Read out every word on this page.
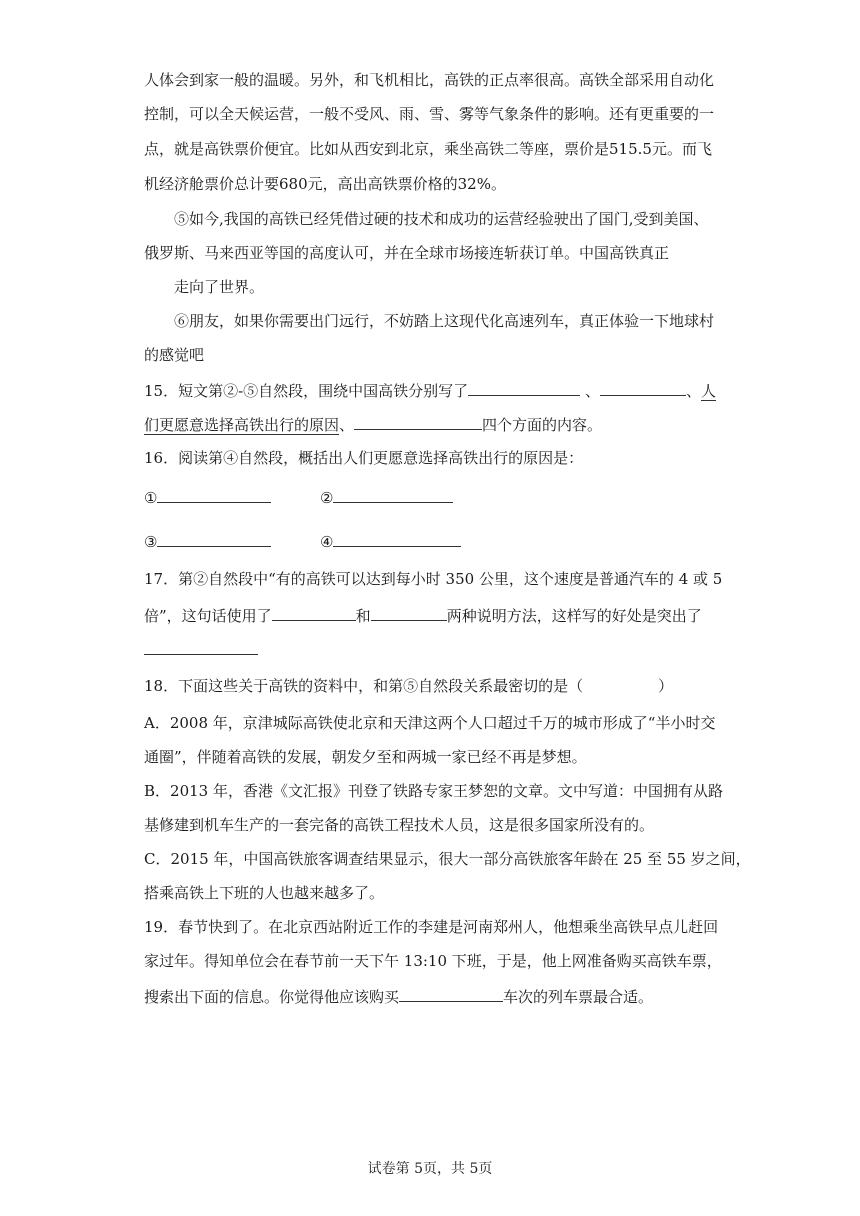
人体会到家一般的温暖。另外，和飞机相比，高铁的正点率很高。高铁全部采用自动化
控制，可以全天候运营，一般不受风、雨、雪、雾等气象条件的影响。还有更重要的一
点，就是高铁票价便宜。比如从西安到北京，乘坐高铁二等座，票价是515.5元。而飞
机经济舱票价总计要680元，高出高铁票价格的32%。
⑤如今,我国的高铁已经凭借过硬的技术和成功的运营经验驶出了国门,受到美国、
俄罗斯、马来西亚等国的高度认可，并在全球市场接连斩获订单。中国高铁真正
走向了世界。
⑥朋友，如果你需要出门远行，不妨踏上这现代化高速列车，真正体验一下地球村
的感觉吧
15．短文第②-⑤自然段，围绕中国高铁分别写了	、	、人
们更愿意选择高铁出行的原因、	四个方面的内容。
16．阅读第④自然段，概括出人们更愿意选择高铁出行的原因是：
①	②
③	④
17．第②自然段中“有的高铁可以达到每小时 350 公里，这个速度是普通汽车的 4 或 5
倍”，这句话使用了	和	两种说明方法，这样写的好处是突出了
18．下面这些关于高铁的资料中，和第⑤自然段关系最密切的是（　　　　　）
A．2008 年，京津城际高铁使北京和天津这两个人口超过千万的城市形成了“半小时交
通圈”，伴随着高铁的发展，朝发夕至和两城一家已经不再是梦想。
B．2013 年，香港《文汇报》刊登了铁路专家王梦恕的文章。文中写道：中国拥有从路
基修建到机车生产的一套完备的高铁工程技术人员，这是很多国家所没有的。
C．2015 年，中国高铁旅客调查结果显示，很大一部分高铁旅客年龄在 25 至 55 岁之间，
搭乘高铁上下班的人也越来越多了。
19．春节快到了。在北京西站附近工作的李建是河南郑州人，他想乘坐高铁早点儿赶回
家过年。得知单位会在春节前一天下午 13:10 下班，于是，他上网准备购买高铁车票，
搜索出下面的信息。你觉得他应该购买	车次的列车票最合适。
试卷第 5页，共 5页
